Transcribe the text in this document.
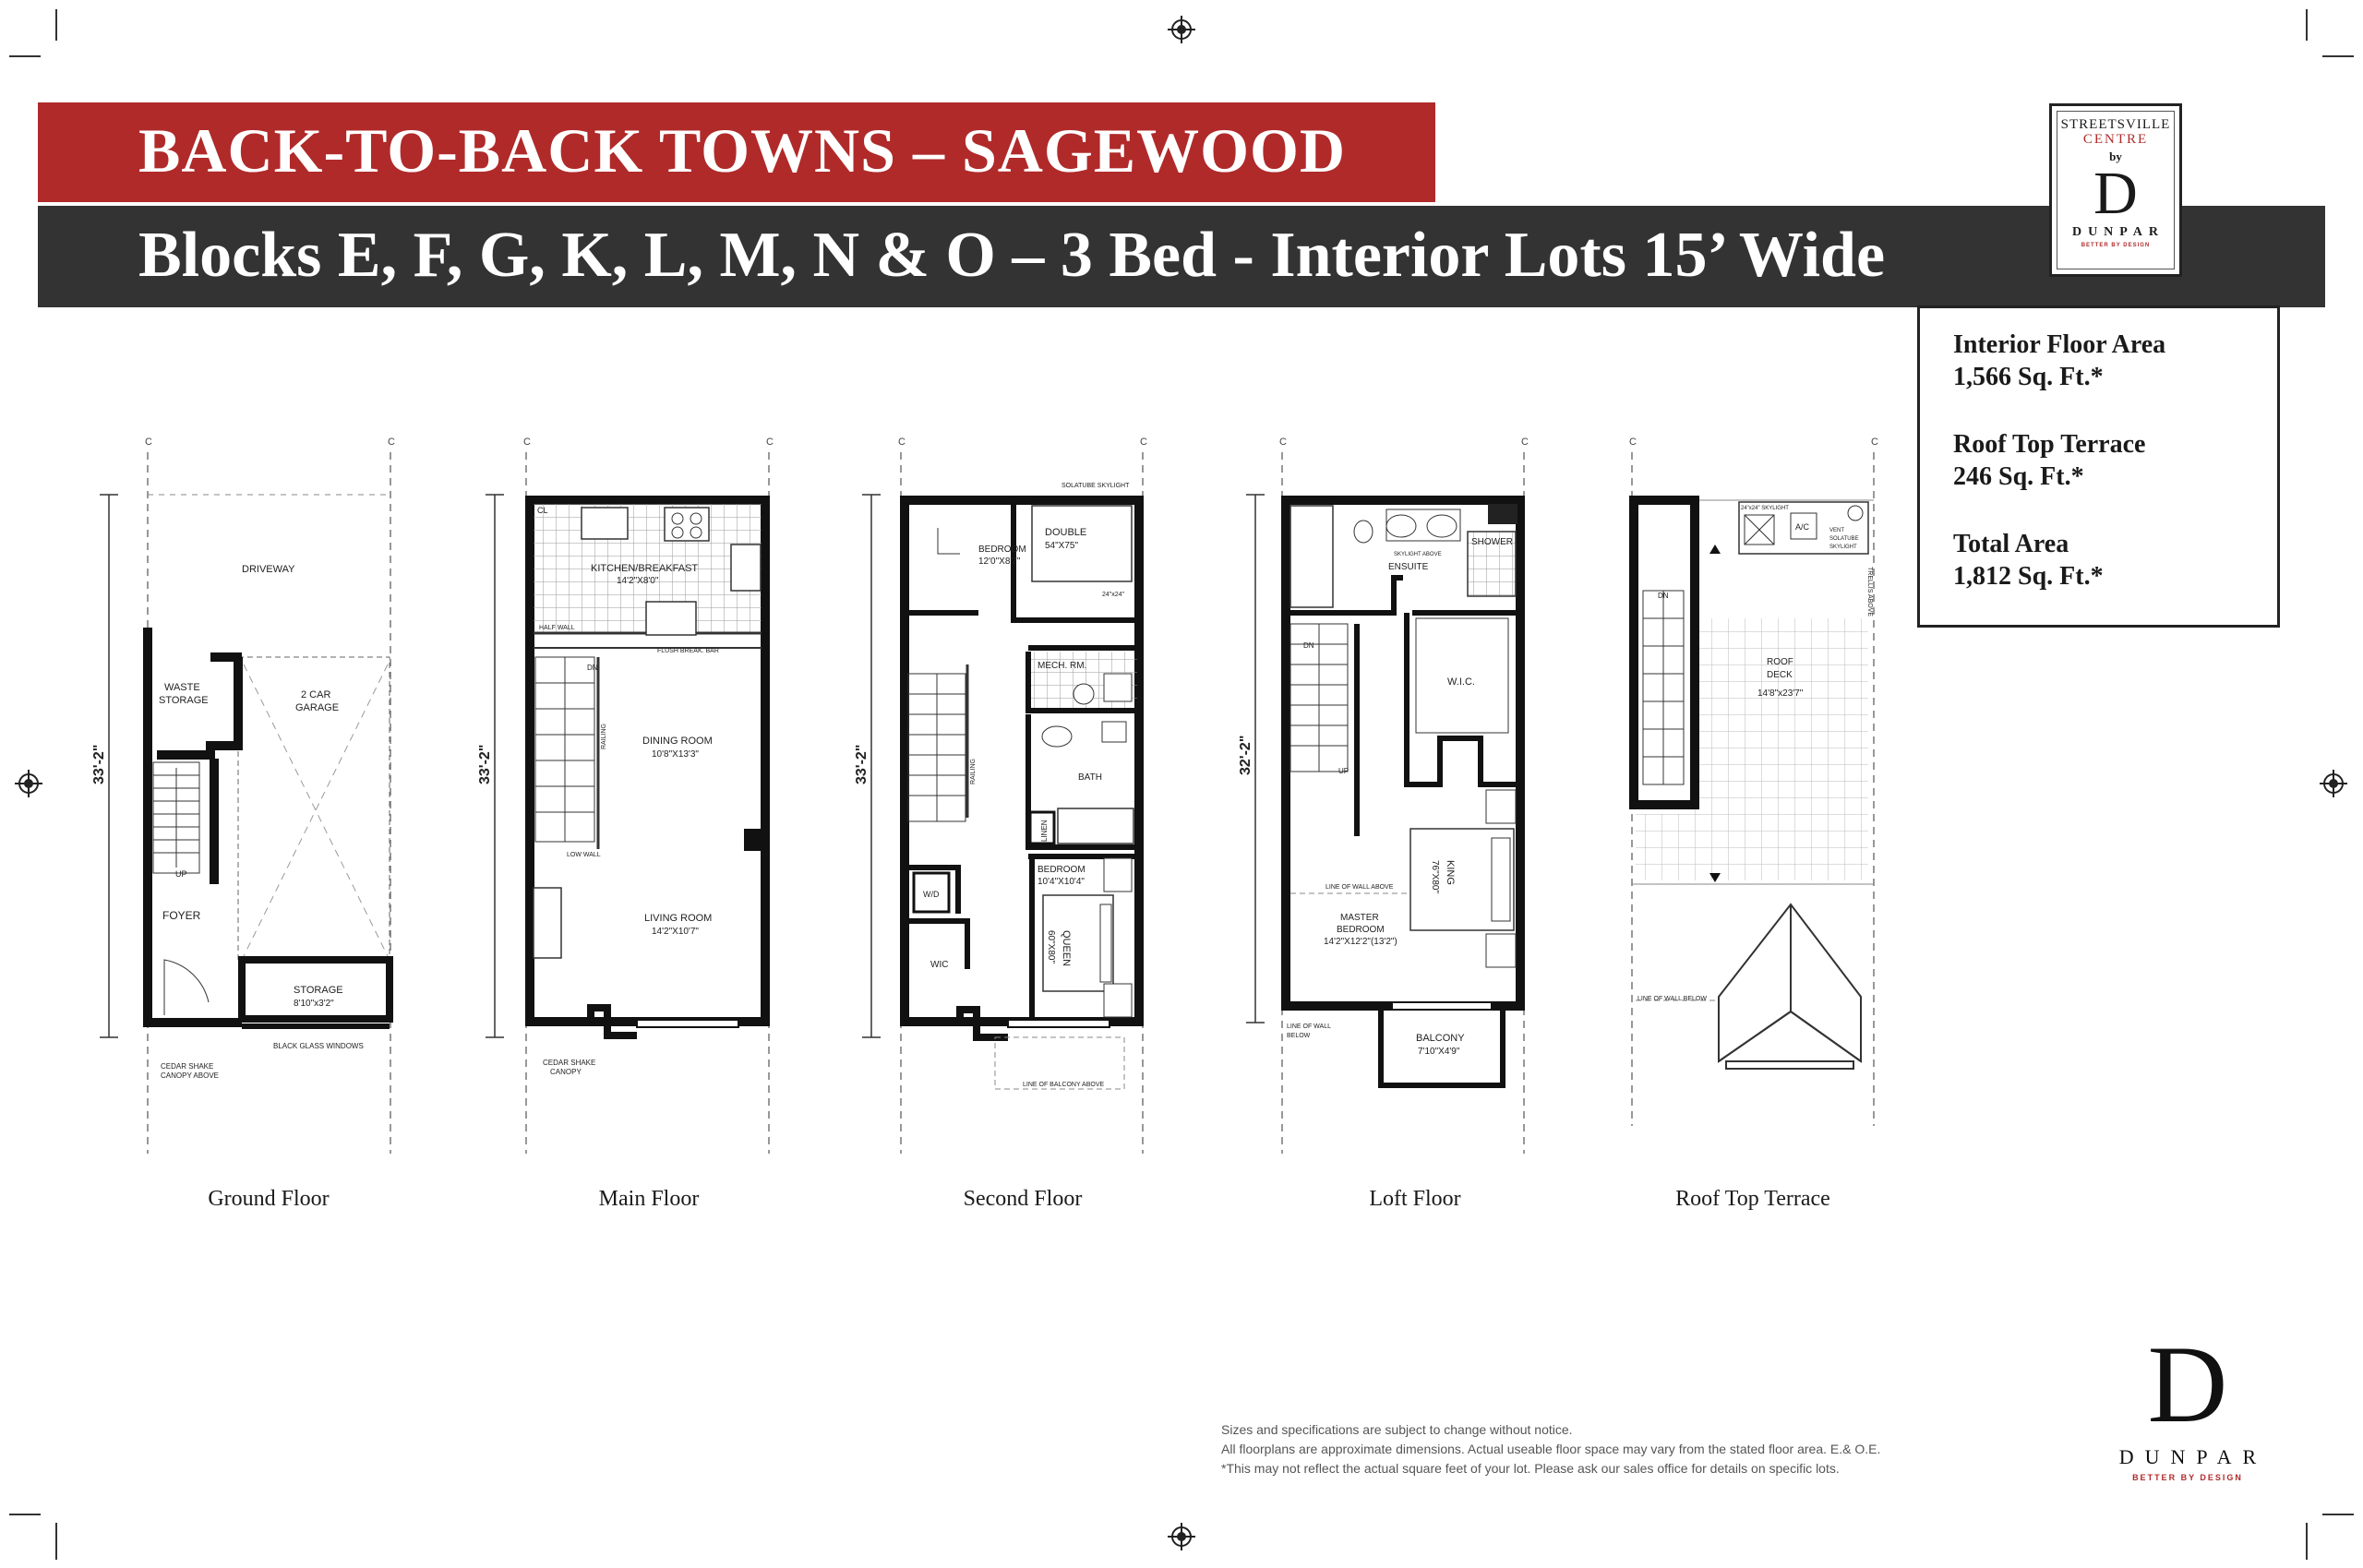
BACK-TO-BACK TOWNS – SAGEWOOD
Blocks E, F, G, K, L, M, N & O – 3 Bed - Interior Lots 15’ Wide
STREETSVILLE
CENTRE
by
D
DUNPAR
BETTER BY DESIGN
Interior Floor Area
1,566 Sq. Ft.*
Roof Top Terrace
246 Sq. Ft.*
Total Area
1,812 Sq. Ft.*
C	C
33'-2"
DRIVEWAY
2 CAR
GARAGE
WASTE
STORAGE
UP
FOYER
STORAGE
8'10"x3'2"
CEDAR SHAKE
CANOPY ABOVE
BLACK GLASS WINDOWS
C	C
33'-2"
CL
KITCHEN/BREAKFAST
14'2"X8'0"
HALF WALL
FLUSH BREAK. BAR
DN
RAILING
LOW WALL
DINING ROOM
10'8"X13'3"
LIVING ROOM
14'2"X10'7"
CEDAR SHAKE
CANOPY
C	C
33'-2"
SOLATUBE SKYLIGHT
BEDROOM
12'0"X8'7"
DOUBLE
54"X75"
24"x24"
MECH. RM.
BATH
LINEN
RAILING
BEDROOM
10'4"X10'4"
QUEEN
60"X80"
W/D
WIC
LINE OF BALCONY ABOVE
C	C
32'-2"
SHOWER
ENSUITE
SKYLIGHT ABOVE
DN
UP
W.I.C.
KING
76"X80"
LINE OF WALL ABOVE
MASTER
BEDROOM
14'2"X12'2"(13'2")
BALCONY
7'10"X4'9"
LINE OF WALL
BELOW
C	C
DN
A/C
24"x24" SKYLIGHT
VENT
SOLATUBE
SKYLIGHT
TRELLIS ABOVE
ROOF
DECK
14'8"x23'7"
LINE OF WALL BELOW
Ground Floor	Main Floor	Second Floor	Loft Floor	Roof Top Terrace
Sizes and specifications are subject to change without notice.
All floorplans are approximate dimensions. Actual useable floor space may vary from the stated floor area. E.& O.E.
*This may not reflect the actual square feet of your lot. Please ask our sales office for details on specific lots.
D
DUNPAR
BETTER BY DESIGN
